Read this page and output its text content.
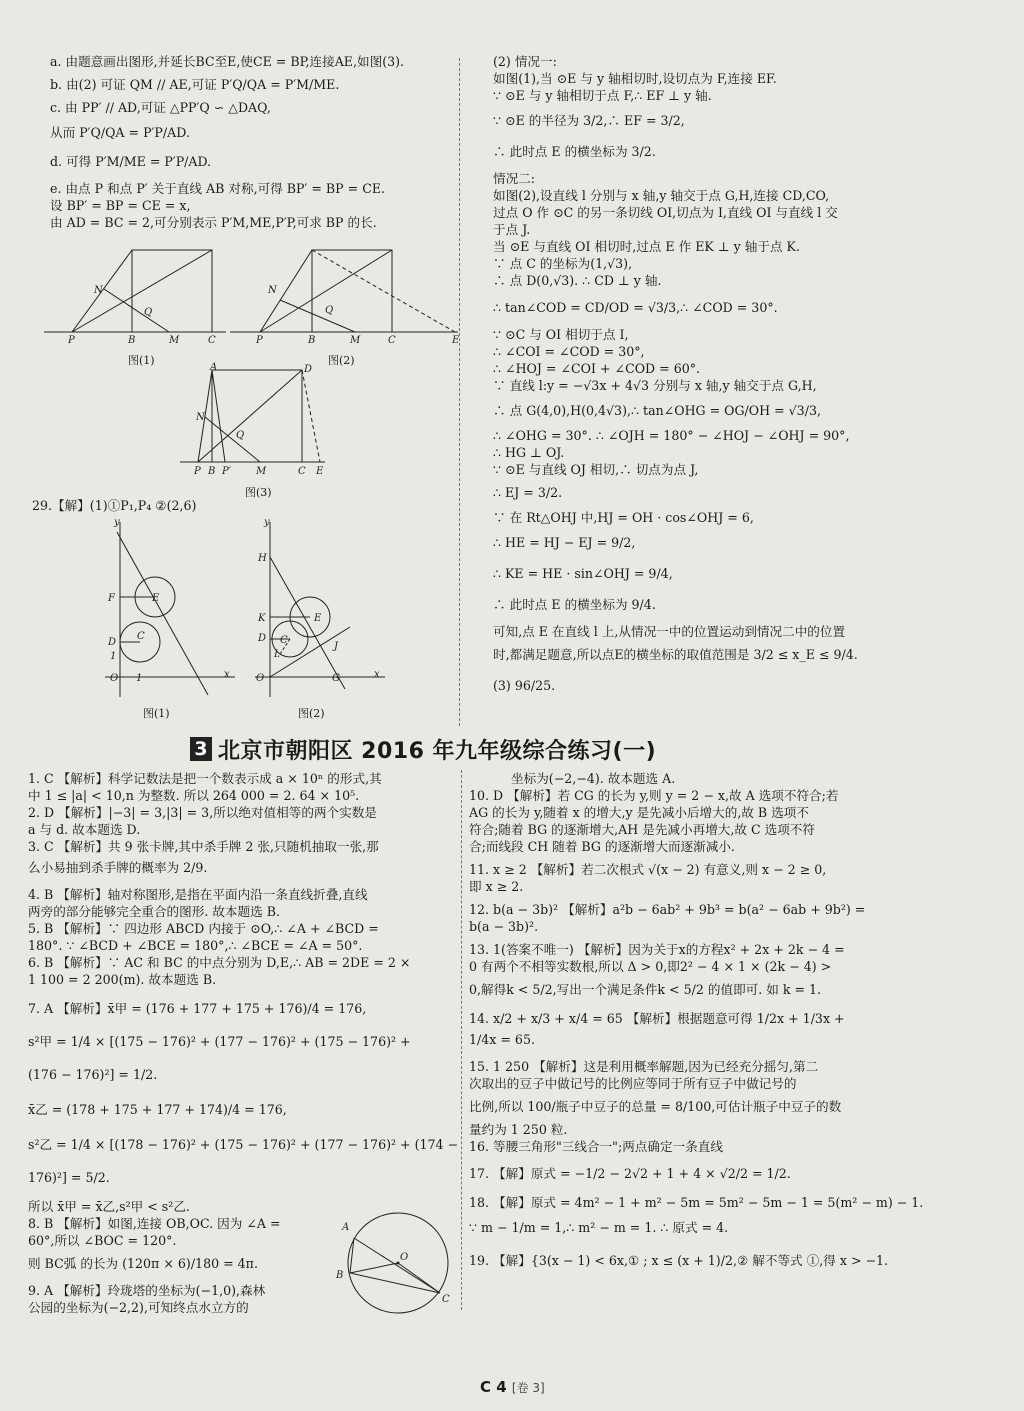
a. 由题意画出图形,并延长BC至E,使CE = BP,连接AE,如图(3).

b. 由(2) 可证 QM // AE,可证 P′Q/QA = P′M/ME.

c. 由 PP′ // AD,可证 △PP′Q ∽ △DAQ,

从而 P′Q/QA = P′P/AD.

d. 可得 P′M/ME = P′P/AD.

e. 由点 P 和点 P′ 关于直线 AB 对称,可得 BP′ = BP = CE.

设 BP′ = BP = CE = x,

由 AD = BC = 2,可分别表示 P′M,ME,P′P,可求 BP 的长.

P	B	M	C
N
Q
图(1)
P	B	M	C	E
N
Q
图(2)
A	D
P B P′	M	C E
N
Q
图(3)

29.【解】(1)①P₁,P₄ ②(2,6)

y
x
F	E
D
C
1
O 1
图(1)
y
x
H
K	E
D C
I
J
G
O
图(2)

(2) 情况一:

如图(1),当 ⊙E 与 y 轴相切时,设切点为 F,连接 EF.

∵ ⊙E 与 y 轴相切于点 F,∴ EF ⊥ y 轴.

∵ ⊙E 的半径为 3/2,∴ EF = 3/2,

∴ 此时点 E 的横坐标为 3/2.

情况二:

如图(2),设直线 l 分别与 x 轴,y 轴交于点 G,H,连接 CD,CO,

过点 O 作 ⊙C 的另一条切线 OI,切点为 I,直线 OI 与直线 l 交

于点 J.

当 ⊙E 与直线 OI 相切时,过点 E 作 EK ⊥ y 轴于点 K.

∵ 点 C 的坐标为(1,√3),

∴ 点 D(0,√3). ∴ CD ⊥ y 轴.

∴ tan∠COD = CD/OD = √3/3,∴ ∠COD = 30°.

∵ ⊙C 与 OI 相切于点 I,

∴ ∠COI = ∠COD = 30°,

∴ ∠HOJ = ∠COI + ∠COD = 60°.

∵ 直线 l:y = −√3x + 4√3 分别与 x 轴,y 轴交于点 G,H,

∴ 点 G(4,0),H(0,4√3),∴ tan∠OHG = OG/OH = √3/3,

∴ ∠OHG = 30°. ∴ ∠OJH = 180° − ∠HOJ − ∠OHJ = 90°,

∴ HG ⊥ OJ.

∵ ⊙E 与直线 OJ 相切,∴ 切点为点 J,

∴ EJ = 3/2.

∵ 在 Rt△OHJ 中,HJ = OH · cos∠OHJ = 6,

∴ HE = HJ − EJ = 9/2,

∴ KE = HE · sin∠OHJ = 9/4,

∴ 此时点 E 的横坐标为 9/4.

可知,点 E 在直线 l 上,从情况一中的位置运动到情况二中的位置

时,都满足题意,所以点E的横坐标的取值范围是 3/2 ≤ x_E ≤ 9/4.

(3) 96/25.

3 北京市朝阳区 2016 年九年级综合练习(一)

1. C 【解析】科学记数法是把一个数表示成 a × 10ⁿ 的形式,其

中 1 ≤ |a| < 10,n 为整数. 所以 264 000 = 2. 64 × 10⁵.

2. D 【解析】|−3| = 3,|3| = 3,所以绝对值相等的两个实数是

a 与 d. 故本题选 D.

3. C 【解析】共 9 张卡牌,其中杀手牌 2 张,只随机抽取一张,那

么小易抽到杀手牌的概率为 2/9.

4. B 【解析】轴对称图形,是指在平面内沿一条直线折叠,直线

两旁的部分能够完全重合的图形. 故本题选 B.

5. B 【解析】∵ 四边形 ABCD 内接于 ⊙O,∴ ∠A + ∠BCD =

180°. ∵ ∠BCD + ∠BCE = 180°,∴ ∠BCE = ∠A = 50°.

6. B 【解析】∵ AC 和 BC 的中点分别为 D,E,∴ AB = 2DE = 2 ×

1 100 = 2 200(m). 故本题选 B.

7. A 【解析】x̄甲 = (176 + 177 + 175 + 176)/4 = 176,

s²甲 = 1/4 × [(175 − 176)² + (177 − 176)² + (175 − 176)² +

(176 − 176)²] = 1/2.

x̄乙 = (178 + 175 + 177 + 174)/4 = 176,

s²乙 = 1/4 × [(178 − 176)² + (175 − 176)² + (177 − 176)² + (174 −

176)²] = 5/2.

所以 x̄甲 = x̄乙,s²甲 < s²乙.

8. B 【解析】如图,连接 OB,OC. 因为 ∠A =

60°,所以 ∠BOC = 120°.

则 BC弧 的长为 (120π × 6)/180 = 4π.

9. A 【解析】玲珑塔的坐标为(−1,0),森林

公园的坐标为(−2,2),可知终点水立方的

A
B
C
O

坐标为(−2,−4). 故本题选 A.

10. D 【解析】若 CG 的长为 y,则 y = 2 − x,故 A 选项不符合;若

AG 的长为 y,随着 x 的增大,y 是先减小后增大的,故 B 选项不

符合;随着 BG 的逐渐增大,AH 是先减小再增大,故 C 选项不符

合;而线段 CH 随着 BG 的逐渐增大而逐渐减小.

11. x ≥ 2 【解析】若二次根式 √(x − 2) 有意义,则 x − 2 ≥ 0,

即 x ≥ 2.

12. b(a − 3b)² 【解析】a²b − 6ab² + 9b³ = b(a² − 6ab + 9b²) =

b(a − 3b)².

13. 1(答案不唯一) 【解析】因为关于x的方程x² + 2x + 2k − 4 =

0 有两个不相等实数根,所以 Δ > 0,即2² − 4 × 1 × (2k − 4) >

0,解得k < 5/2,写出一个满足条件k < 5/2 的值即可. 如 k = 1.

14. x/2 + x/3 + x/4 = 65 【解析】根据题意可得 1/2x + 1/3x +

1/4x = 65.

15. 1 250 【解析】这是利用概率解题,因为已经充分摇匀,第二

次取出的豆子中做记号的比例应等同于所有豆子中做记号的

比例,所以 100/瓶子中豆子的总量 = 8/100,可估计瓶子中豆子的数

量约为 1 250 粒.

16. 等腰三角形"三线合一";两点确定一条直线

17. 【解】原式 = −1/2 − 2√2 + 1 + 4 × √2/2 = 1/2.

18. 【解】原式 = 4m² − 1 + m² − 5m = 5m² − 5m − 1 = 5(m² − m) − 1.

∵ m − 1/m = 1,∴ m² − m = 1. ∴ 原式 = 4.

19. 【解】{3(x − 1) < 6x,① ; x ≤ (x + 1)/2,② 解不等式 ①,得 x > −1.

C 4 [卷 3]
